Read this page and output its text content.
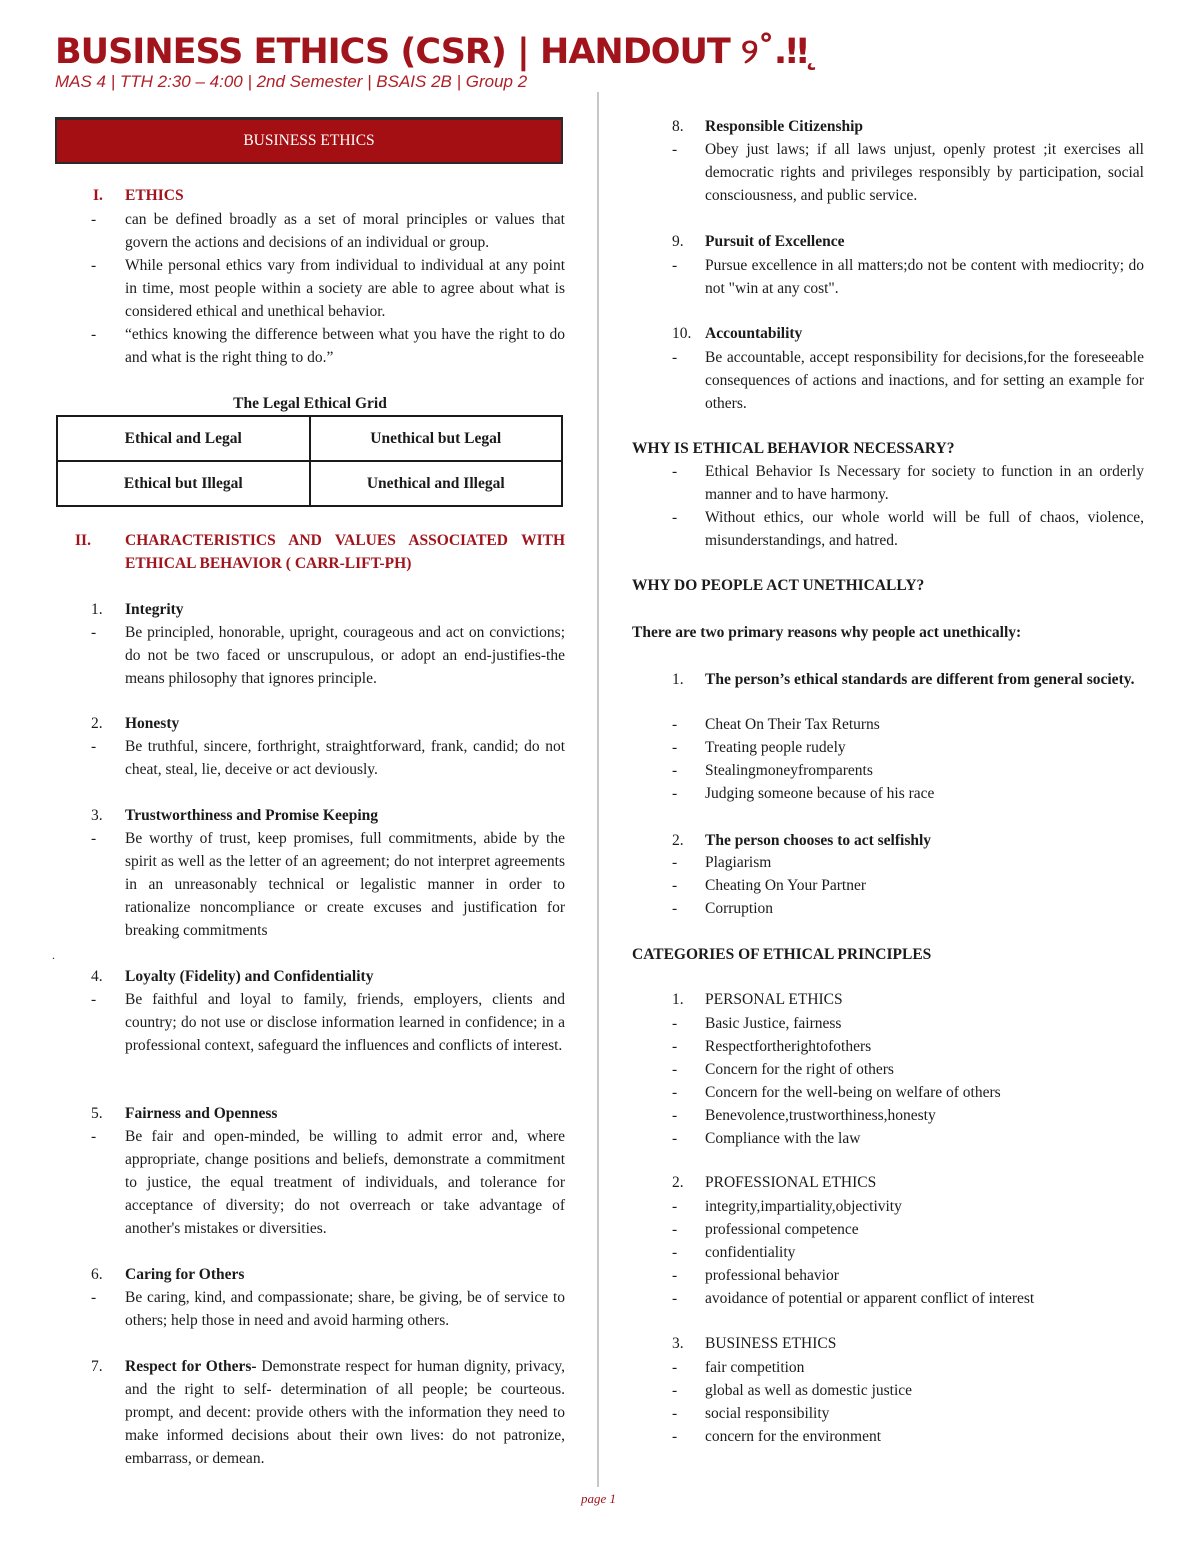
BUSINESS ETHICS (CSR) | HANDOUT ୨˚.‼︎ ̨
MAS 4 | TTH 2:30 – 4:00 | 2nd Semester | BSAIS 2B | Group 2
BUSINESS ETHICS
I.	ETHICS
- can be defined broadly as a set of moral principles or values that govern the actions and decisions of an individual or group.
- While personal ethics vary from individual to individual at any point in time, most people within a society are able to agree about what is considered ethical and unethical behavior.
- “ethics knowing the difference between what you have the right to do and what is the right thing to do.”
The Legal Ethical Grid
Ethical and Legal	Unethical but Legal
Ethical but Illegal	Unethical and Illegal
II.	CHARACTERISTICS AND VALUES ASSOCIATED WITH ETHICAL BEHAVIOR ( CARR-LIFT-PH)
1.	Integrity
- Be principled, honorable, upright, courageous and act on convictions; do not be two faced or unscrupulous, or adopt an end-justifies-the means philosophy that ignores principle.
2.	Honesty
- Be truthful, sincere, forthright, straightforward, frank, candid; do not cheat, steal, lie, deceive or act deviously.
3.	Trustworthiness and Promise Keeping
- Be worthy of trust, keep promises, full commitments, abide by the spirit as well as the letter of an agreement; do not interpret agreements in an unreasonably technical or legalistic manner in order to rationalize noncompliance or create excuses and justification for breaking commitments
.
4.	Loyalty (Fidelity) and Confidentiality
- Be faithful and loyal to family, friends, employers, clients and country; do not use or disclose information learned in confidence; in a professional context, safeguard the influences and conflicts of interest.
5.	Fairness and Openness
- Be fair and open-minded, be willing to admit error and, where appropriate, change positions and beliefs, demonstrate a commitment to justice, the equal treatment of individuals, and tolerance for acceptance of diversity; do not overreach or take advantage of another's mistakes or diversities.
6.	Caring for Others
- Be caring, kind, and compassionate; share, be giving, be of service to others; help those in need and avoid harming others.
7. Respect for Others- Demonstrate respect for human dignity, privacy, and the right to self- determination of all people; be courteous. prompt, and decent: provide others with the information they need to make informed decisions about their own lives: do not patronize, embarrass, or demean.
8. Responsible Citizenship
- Obey just laws; if all laws unjust, openly protest ;it exercises all democratic rights and privileges responsibly by participation, social consciousness, and public service.
9. Pursuit of Excellence
- Pursue excellence in all matters;do not be content with mediocrity; do not "win at any cost".
10. Accountability
- Be accountable, accept responsibility for decisions,for the foreseeable consequences of actions and inactions, and for setting an example for others.
WHY IS ETHICAL BEHAVIOR NECESSARY?
- Ethical Behavior Is Necessary for society to function in an orderly manner and to have harmony.
- Without ethics, our whole world will be full of chaos, violence, misunderstandings, and hatred.
WHY DO PEOPLE ACT UNETHICALLY?
There are two primary reasons why people act unethically:
1. The person’s ethical standards are different from general society.
- Cheat On Their Tax Returns
- Treating people rudely
- Stealingmoneyfromparents
- Judging someone because of his race
2. The person chooses to act selfishly
- Plagiarism
- Cheating On Your Partner
- Corruption
CATEGORIES OF ETHICAL PRINCIPLES
1. PERSONAL ETHICS
- Basic Justice, fairness
- Respectfortherightofothers
- Concern for the right of others
- Concern for the well-being on welfare of others
- Benevolence,trustworthiness,honesty
- Compliance with the law
2. PROFESSIONAL ETHICS
- integrity,impartiality,objectivity
- professional competence
- confidentiality
- professional behavior
- avoidance of potential or apparent conflict of interest
3. BUSINESS ETHICS
- fair competition
- global as well as domestic justice
- social responsibility
- concern for the environment
page 1
